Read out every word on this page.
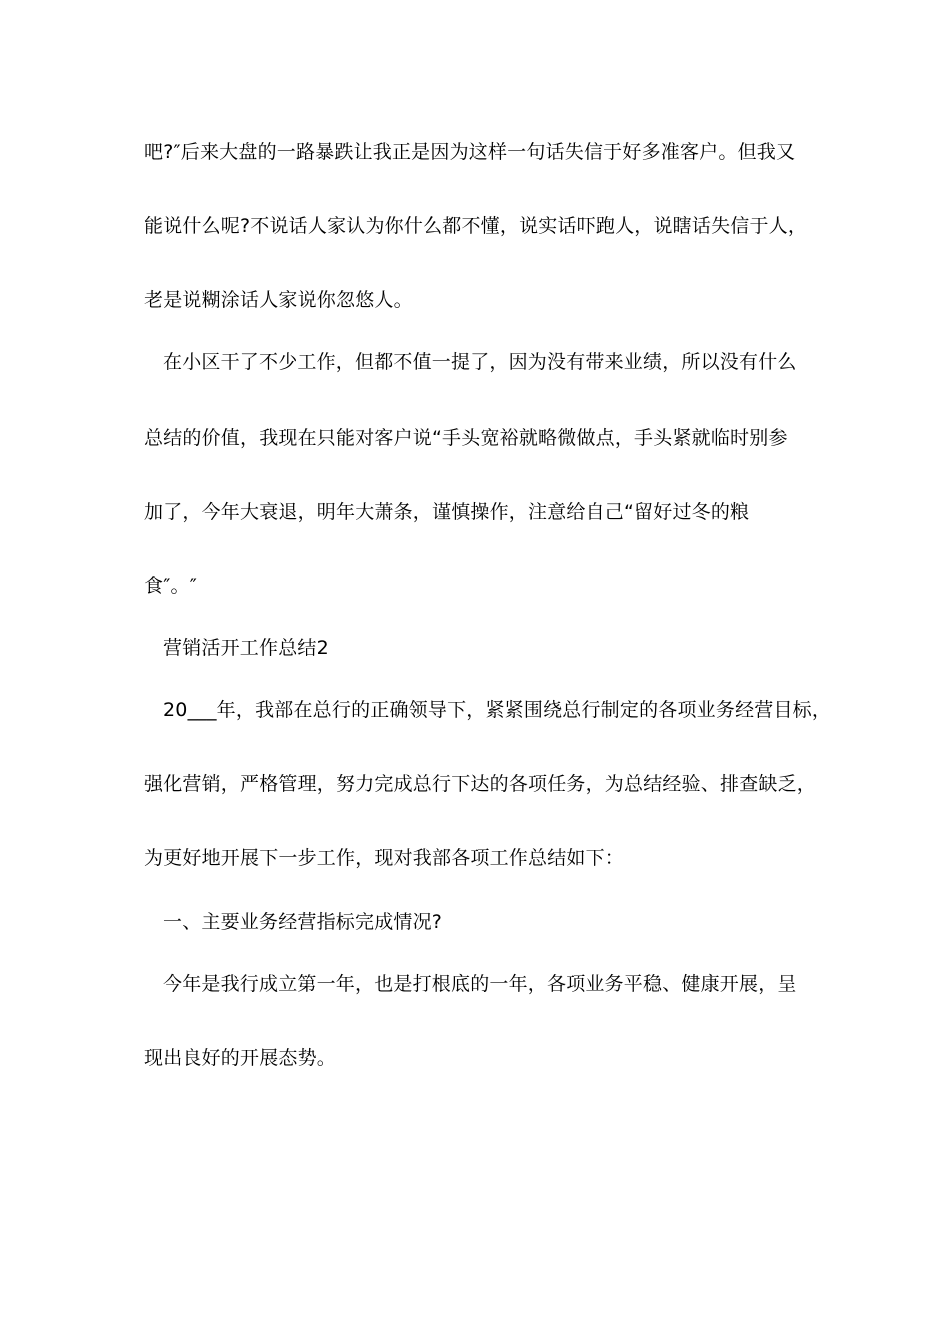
吧?″后来大盘的一路暴跌让我正是因为这样一句话失信于好多准客户。但我又
能说什么呢?不说话人家认为你什么都不懂，说实话吓跑人，说瞎话失信于人，
老是说糊涂话人家说你忽悠人。
在小区干了不少工作，但都不值一提了，因为没有带来业绩，所以没有什么
总结的价值，我现在只能对客户说“手头宽裕就略微做点，手头紧就临时别参
加了，今年大衰退，明年大萧条，谨慎操作，注意给自己“留好过冬的粮
食″。″
营销活开工作总结2
20___年，我部在总行的正确领导下，紧紧围绕总行制定的各项业务经营目标，
强化营销，严格管理，努力完成总行下达的各项任务，为总结经验、排查缺乏，
为更好地开展下一步工作，现对我部各项工作总结如下：
一、主要业务经营指标完成情况?
今年是我行成立第一年，也是打根底的一年，各项业务平稳、健康开展，呈
现出良好的开展态势。
